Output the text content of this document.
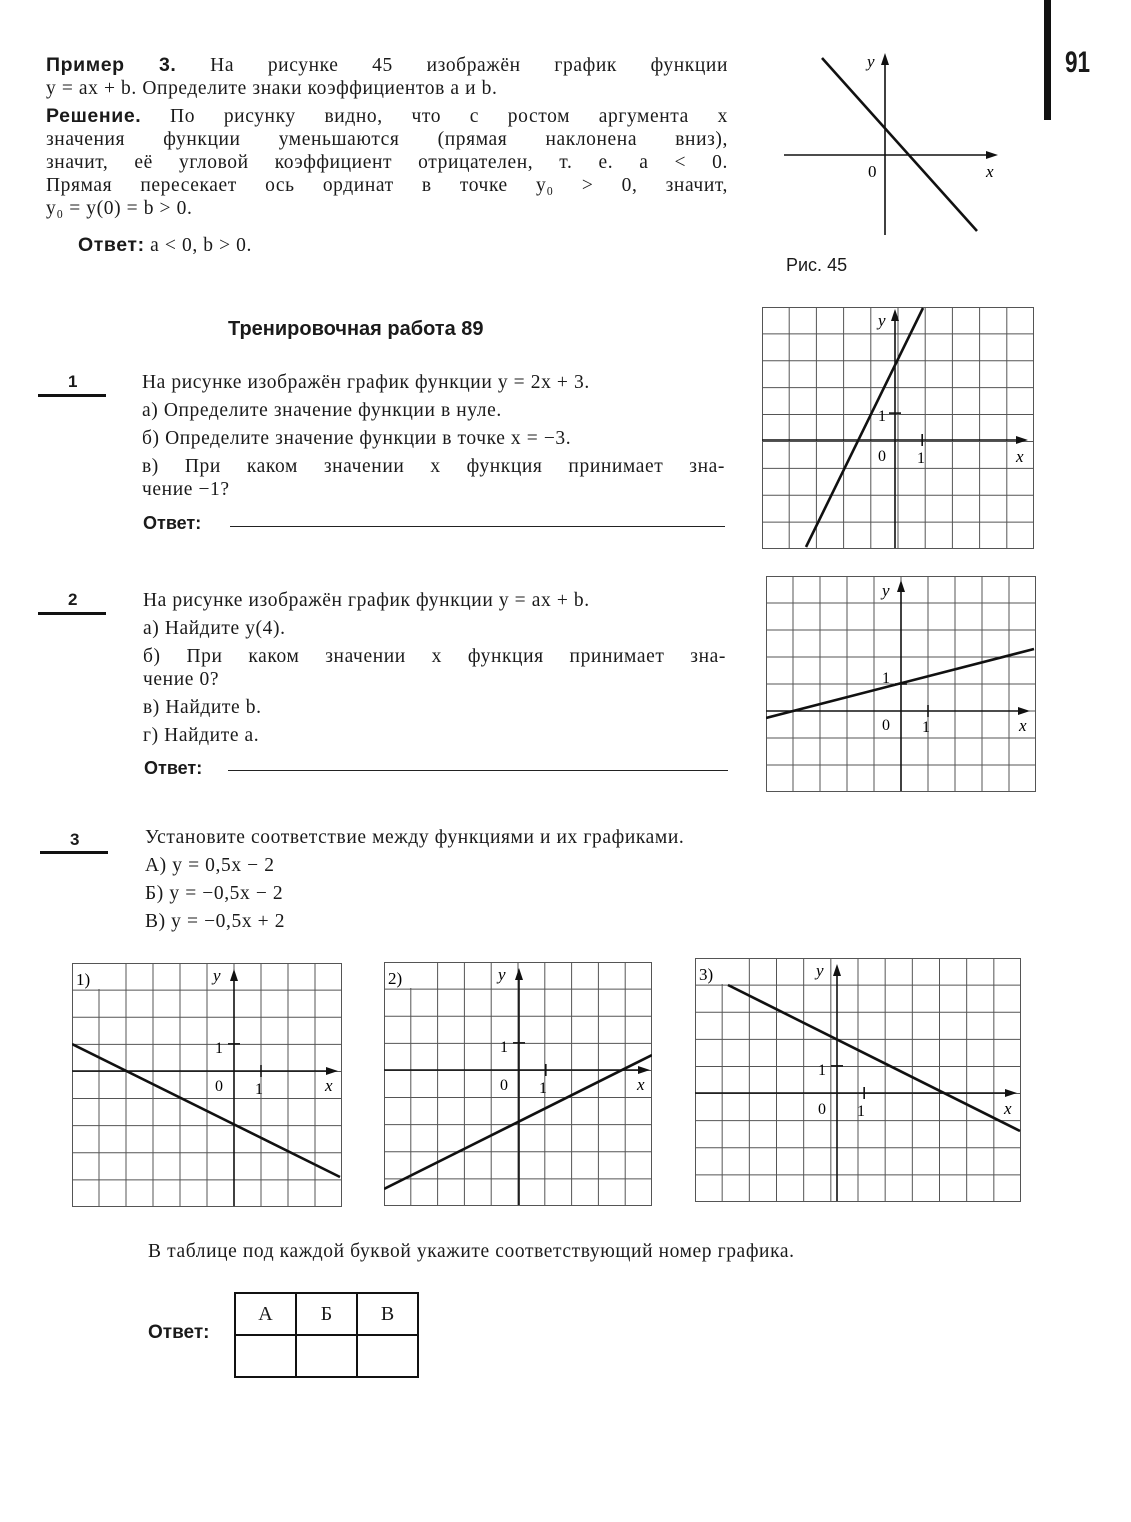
91

Пример 3. На рисунке 45 изображён график функции

y = ax + b. Определите знаки коэффициентов a и b.

Решение. По рисунку видно, что с ростом аргумента x

значения функции уменьшаются (прямая наклонена вниз),

значит, её угловой коэффициент отрицателен, т. е. a < 0.

Прямая пересекает ось ординат в точке y₀ > 0, значит,

y₀ = y(0) = b > 0.

Ответ: a < 0, b > 0.

y
x
0
Рис. 45
Тренировочная работа 89
1	На рисунке изображён график функции y = 2x + 3.

а) Определите значение функции в нуле.

б) Определите значение функции в точке x = −3.

в) При каком значении x функция принимает зна-

чение −1?

Ответ:
y
x
0 1
1
2	На рисунке изображён график функции y = ax + b.

а) Найдите y(4).

б) При каком значении x функция принимает зна-

чение 0?

в) Найдите b.

г) Найдите a.

Ответ:
y
x
0 1
1
3	Установите соответствие между функциями и их графиками.

А) y = 0,5x − 2

Б) y = −0,5x − 2

В) y = −0,5x + 2

1)	y
x
0 1
1
2)	y
x
0 1
1
3)	y
x
0 1
1
В таблице под каждой буквой укажите соответствующий номер графика.
Ответ:
А	Б	В
